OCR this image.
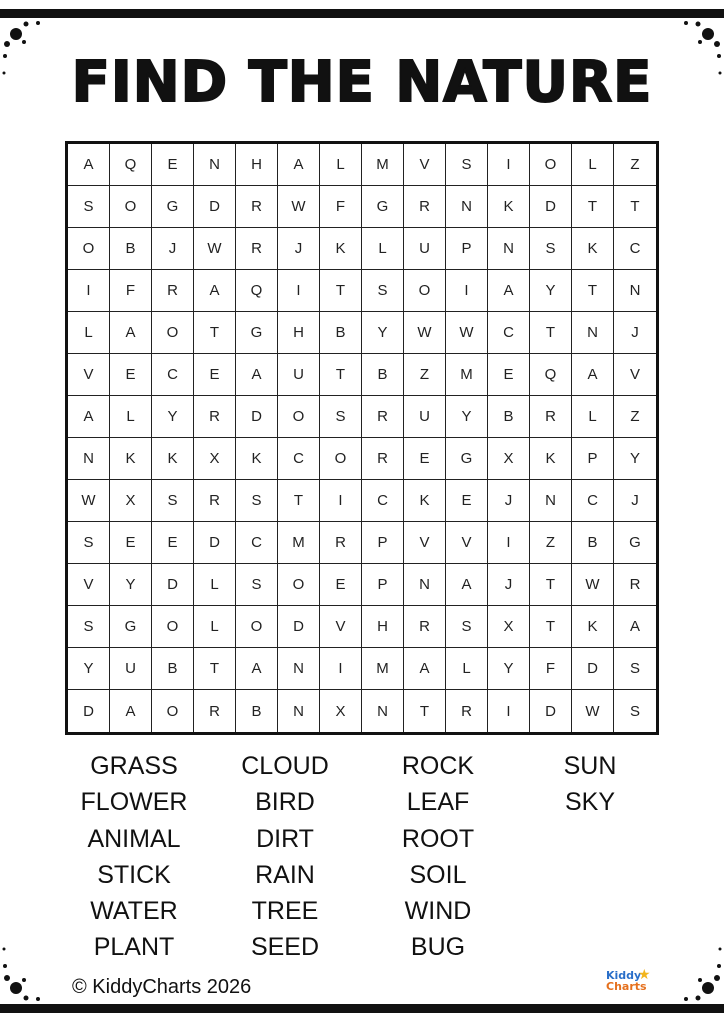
FIND THE NATURE
A	Q	E	N	H	A	L	M	V	S	I	O	L	Z
S	O	G	D	R	W	F	G	R	N	K	D	T	T
O	B	J	W	R	J	K	L	U	P	N	S	K	C
I	F	R	A	Q	I	T	S	O	I	A	Y	T	N
L	A	O	T	G	H	B	Y	W	W	C	T	N	J
V	E	C	E	A	U	T	B	Z	M	E	Q	A	V
A	L	Y	R	D	O	S	R	U	Y	B	R	L	Z
N	K	K	X	K	C	O	R	E	G	X	K	P	Y
W	X	S	R	S	T	I	C	K	E	J	N	C	J
S	E	E	D	C	M	R	P	V	V	I	Z	B	G
V	Y	D	L	S	O	E	P	N	A	J	T	W	R
S	G	O	L	O	D	V	H	R	S	X	T	K	A
Y	U	B	T	A	N	I	M	A	L	Y	F	D	S
D	A	O	R	B	N	X	N	T	R	I	D	W	S
GRASS
FLOWER
ANIMAL
STICK
WATER
PLANT
CLOUD
BIRD
DIRT
RAIN
TREE
SEED
ROCK
LEAF
ROOT
SOIL
WIND
BUG
SUN
SKY
© KiddyCharts 2026
★
Kiddy
Charts
